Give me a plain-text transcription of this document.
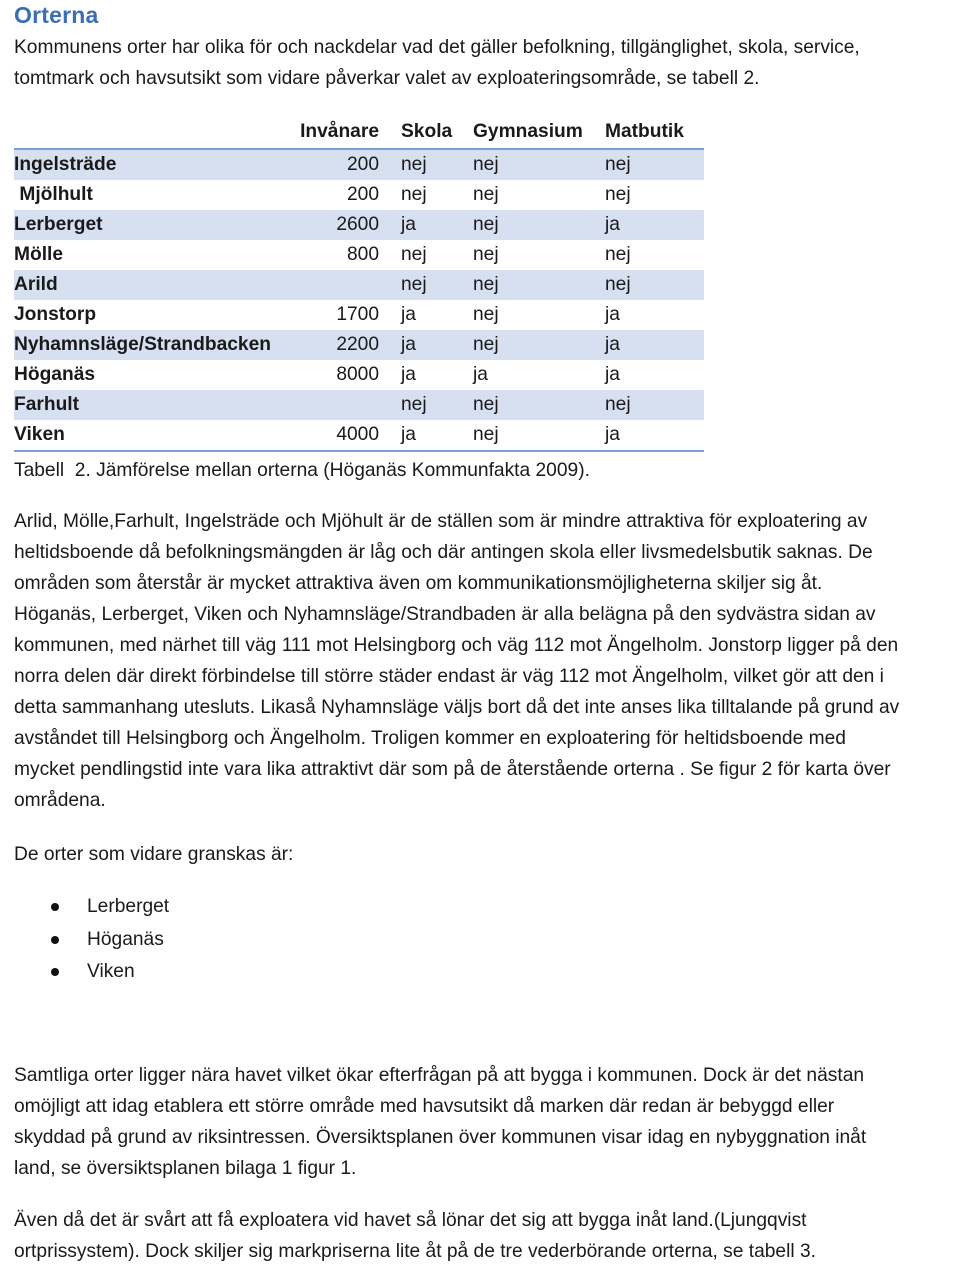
Orterna

Kommunens orter har olika för och nackdelar vad det gäller befolkning, tillgänglighet, skola, service,
tomtmark och havsutsikt som vidare påverkar valet av exploateringsområde, se tabell 2.

	Invånare	Skola	Gymnasium	Matbutik
Ingelsträde	200	nej	nej	nej
Mjölhult	200	nej	nej	nej
Lerberget	2600	ja	nej	ja
Mölle	800	nej	nej	nej
Arild		nej	nej	nej
Jonstorp	1700	ja	nej	ja
Nyhamnsläge/Strandbacken	2200	ja	nej	ja
Höganäs	8000	ja	ja	ja
Farhult		nej	nej	nej
Viken	4000	ja	nej	ja

Tabell  2. Jämförelse mellan orterna (Höganäs Kommunfakta 2009).

Arlid, Mölle,Farhult, Ingelsträde och Mjöhult är de ställen som är mindre attraktiva för exploatering av
heltidsboende då befolkningsmängden är låg och där antingen skola eller livsmedelsbutik saknas. De
områden som återstår är mycket attraktiva även om kommunikationsmöjligheterna skiljer sig åt.
Höganäs, Lerberget, Viken och Nyhamnsläge/Strandbaden är alla belägna på den sydvästra sidan av
kommunen, med närhet till väg 111 mot Helsingborg och väg 112 mot Ängelholm. Jonstorp ligger på den
norra delen där direkt förbindelse till större städer endast är väg 112 mot Ängelholm, vilket gör att den i
detta sammanhang utesluts. Likaså Nyhamnsläge väljs bort då det inte anses lika tilltalande på grund av
avståndet till Helsingborg och Ängelholm. Troligen kommer en exploatering för heltidsboende med
mycket pendlingstid inte vara lika attraktivt där som på de återstående orterna . Se figur 2 för karta över
områdena.

De orter som vidare granskas är:

Lerberget
Höganäs
Viken

Samtliga orter ligger nära havet vilket ökar efterfrågan på att bygga i kommunen. Dock är det nästan
omöjligt att idag etablera ett större område med havsutsikt då marken där redan är bebyggd eller
skyddad på grund av riksintressen. Översiktsplanen över kommunen visar idag en nybyggnation inåt
land, se översiktsplanen bilaga 1 figur 1.

Även då det är svårt att få exploatera vid havet så lönar det sig att bygga inåt land.(Ljungqvist
ortprissystem). Dock skiljer sig markpriserna lite åt på de tre vederbörande orterna, se tabell 3.
